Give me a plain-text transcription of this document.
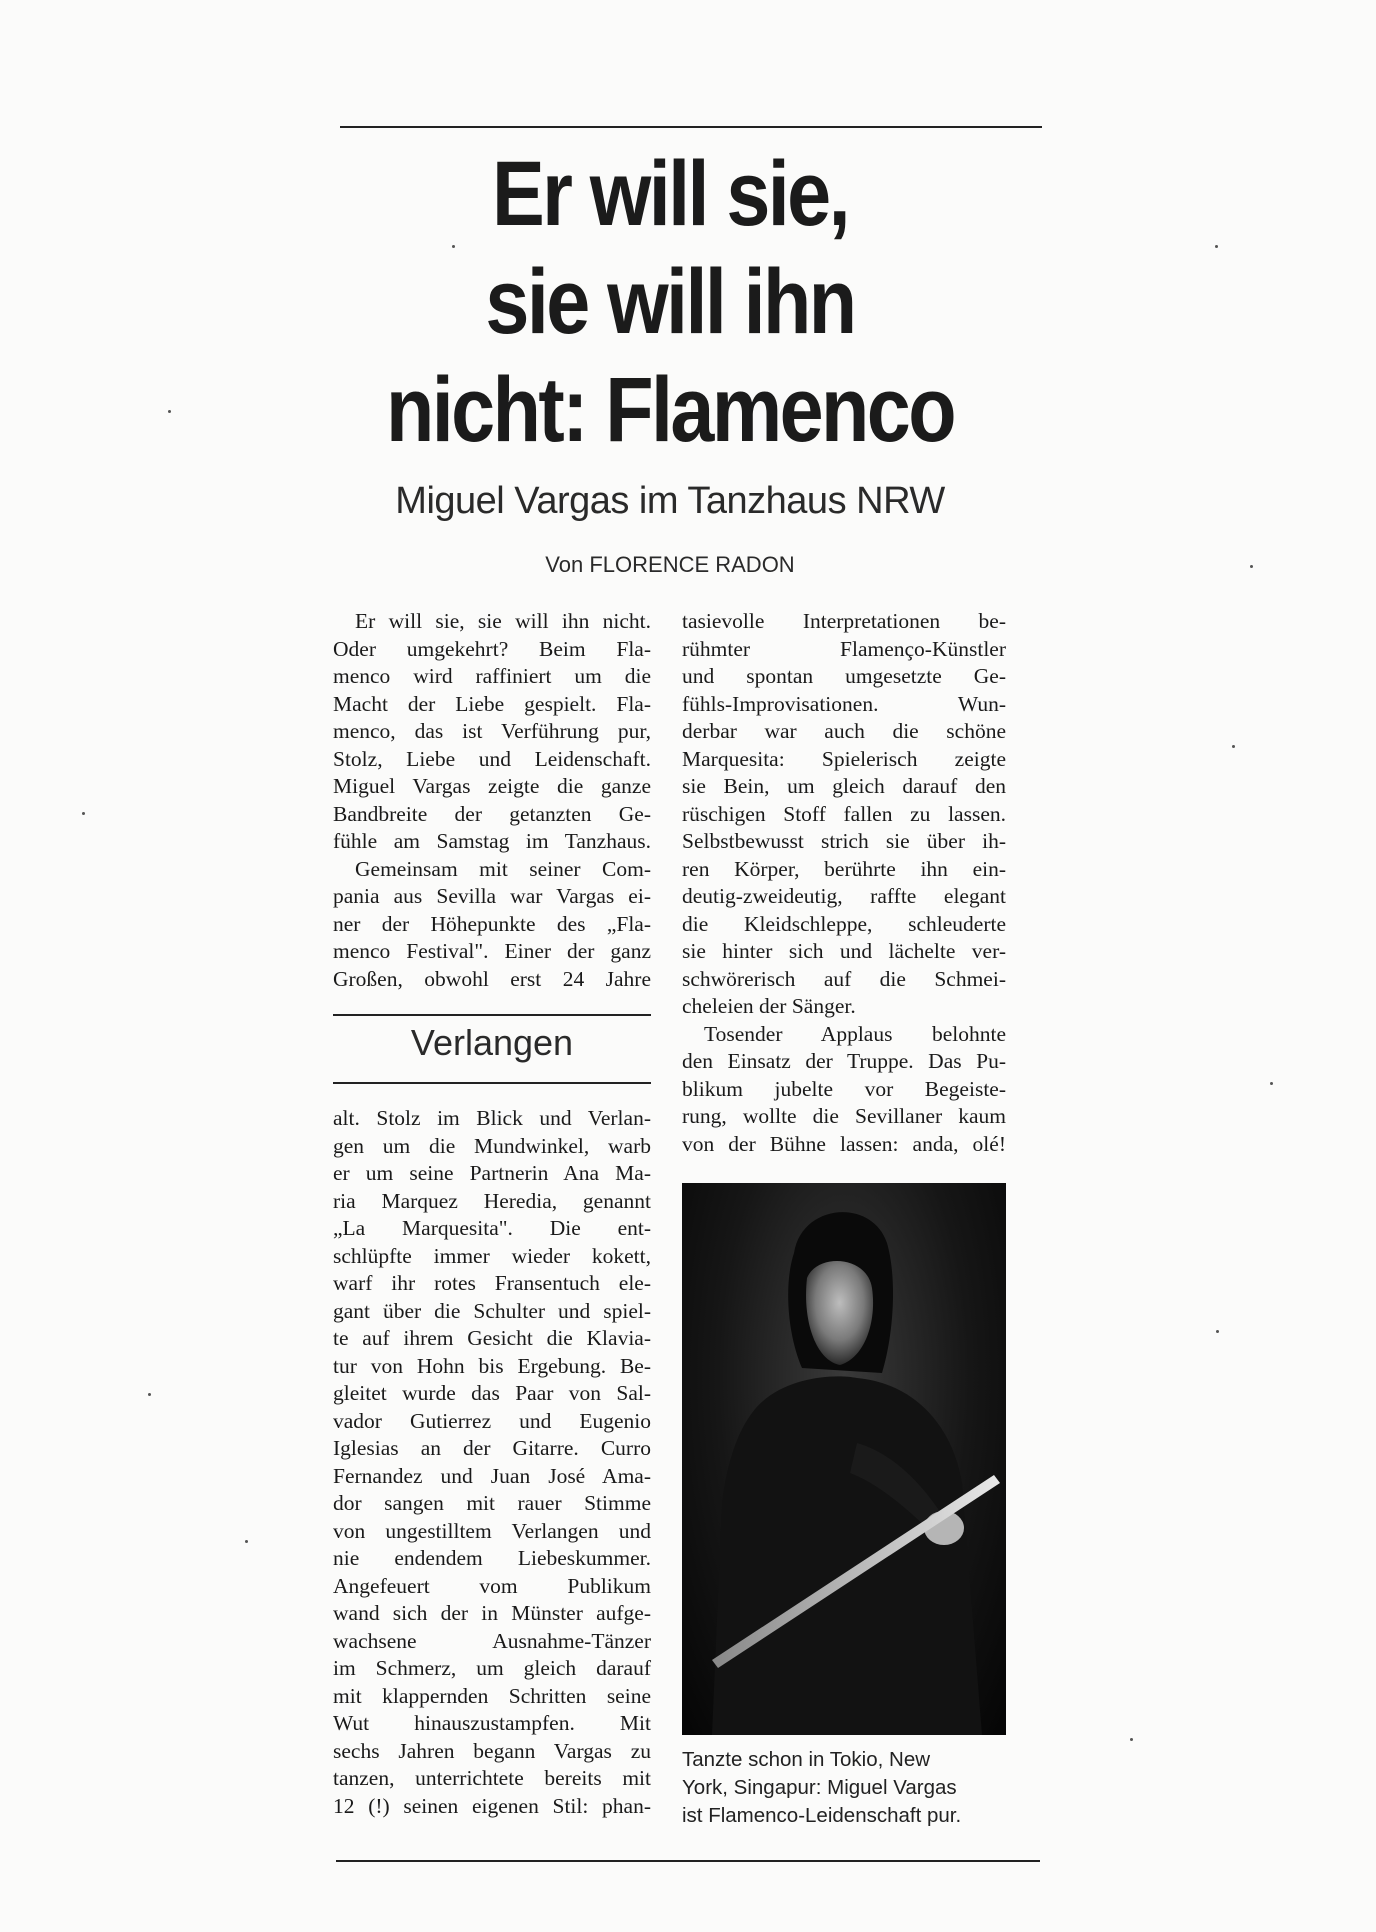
Er will sie,
sie will ihn
nicht: Flamenco
Miguel Vargas im Tanzhaus NRW
Von FLORENCE RADON
Er will sie, sie will ihn nicht.
Oder umgekehrt? Beim Fla-
menco wird raffiniert um die
Macht der Liebe gespielt. Fla-
menco, das ist Verführung pur,
Stolz, Liebe und Leidenschaft.
Miguel Vargas zeigte die ganze
Bandbreite der getanzten Ge-
fühle am Samstag im Tanzhaus.
Gemeinsam mit seiner Com-
pania aus Sevilla war Vargas ei-
ner der Höhepunkte des „Fla-
menco Festival". Einer der ganz
Großen, obwohl erst 24 Jahre
Verlangen
alt. Stolz im Blick und Verlan-
gen um die Mundwinkel, warb
er um seine Partnerin Ana Ma-
ria Marquez Heredia, genannt
„La Marquesita". Die ent-
schlüpfte immer wieder kokett,
warf ihr rotes Fransentuch ele-
gant über die Schulter und spiel-
te auf ihrem Gesicht die Klavia-
tur von Hohn bis Ergebung. Be-
gleitet wurde das Paar von Sal-
vador Gutierrez und Eugenio
Iglesias an der Gitarre. Curro
Fernandez und Juan José Ama-
dor sangen mit rauer Stimme
von ungestilltem Verlangen und
nie endendem Liebeskummer.
Angefeuert vom Publikum
wand sich der in Münster aufge-
wachsene Ausnahme-Tänzer
im Schmerz, um gleich darauf
mit klappernden Schritten seine
Wut hinauszustampfen. Mit
sechs Jahren begann Vargas zu
tanzen, unterrichtete bereits mit
12 (!) seinen eigenen Stil: phan-
tasievolle Interpretationen be-
rühmter Flamenço-Künstler
und spontan umgesetzte Ge-
fühls-Improvisationen. Wun-
derbar war auch die schöne
Marquesita: Spielerisch zeigte
sie Bein, um gleich darauf den
rüschigen Stoff fallen zu lassen.
Selbstbewusst strich sie über ih-
ren Körper, berührte ihn ein-
deutig-zweideutig, raffte elegant
die Kleidschleppe, schleuderte
sie hinter sich und lächelte ver-
schwörerisch auf die Schmei-
cheleien der Sänger.
Tosender Applaus belohnte
den Einsatz der Truppe. Das Pu-
blikum jubelte vor Begeiste-
rung, wollte die Sevillaner kaum
von der Bühne lassen: anda, olé!
Tanzte schon in Tokio, New
York, Singapur: Miguel Vargas
ist Flamenco-Leidenschaft pur.
